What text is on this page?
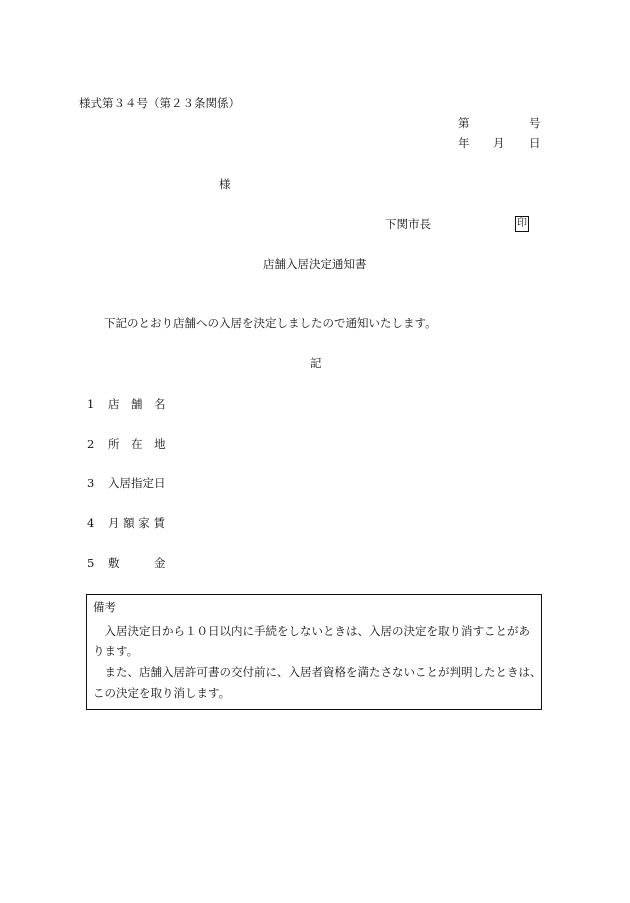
様式第３４号（第２３条関係）
第	号
年 月 日
様
下関市長	印
店舗入居決定通知書
下記のとおり店舗への入居を決定しましたので通知いたします。
記
1 店　舗　名
2 所　在　地
3 入居指定日
4 月 額 家 賃
5 敷　　　金
備考
　入居決定日から１０日以内に手続をしないときは、入居の決定を取り消すことがあ
ります。
　また、店舗入居許可書の交付前に、入居者資格を満たさないことが判明したときは、
この決定を取り消します。
